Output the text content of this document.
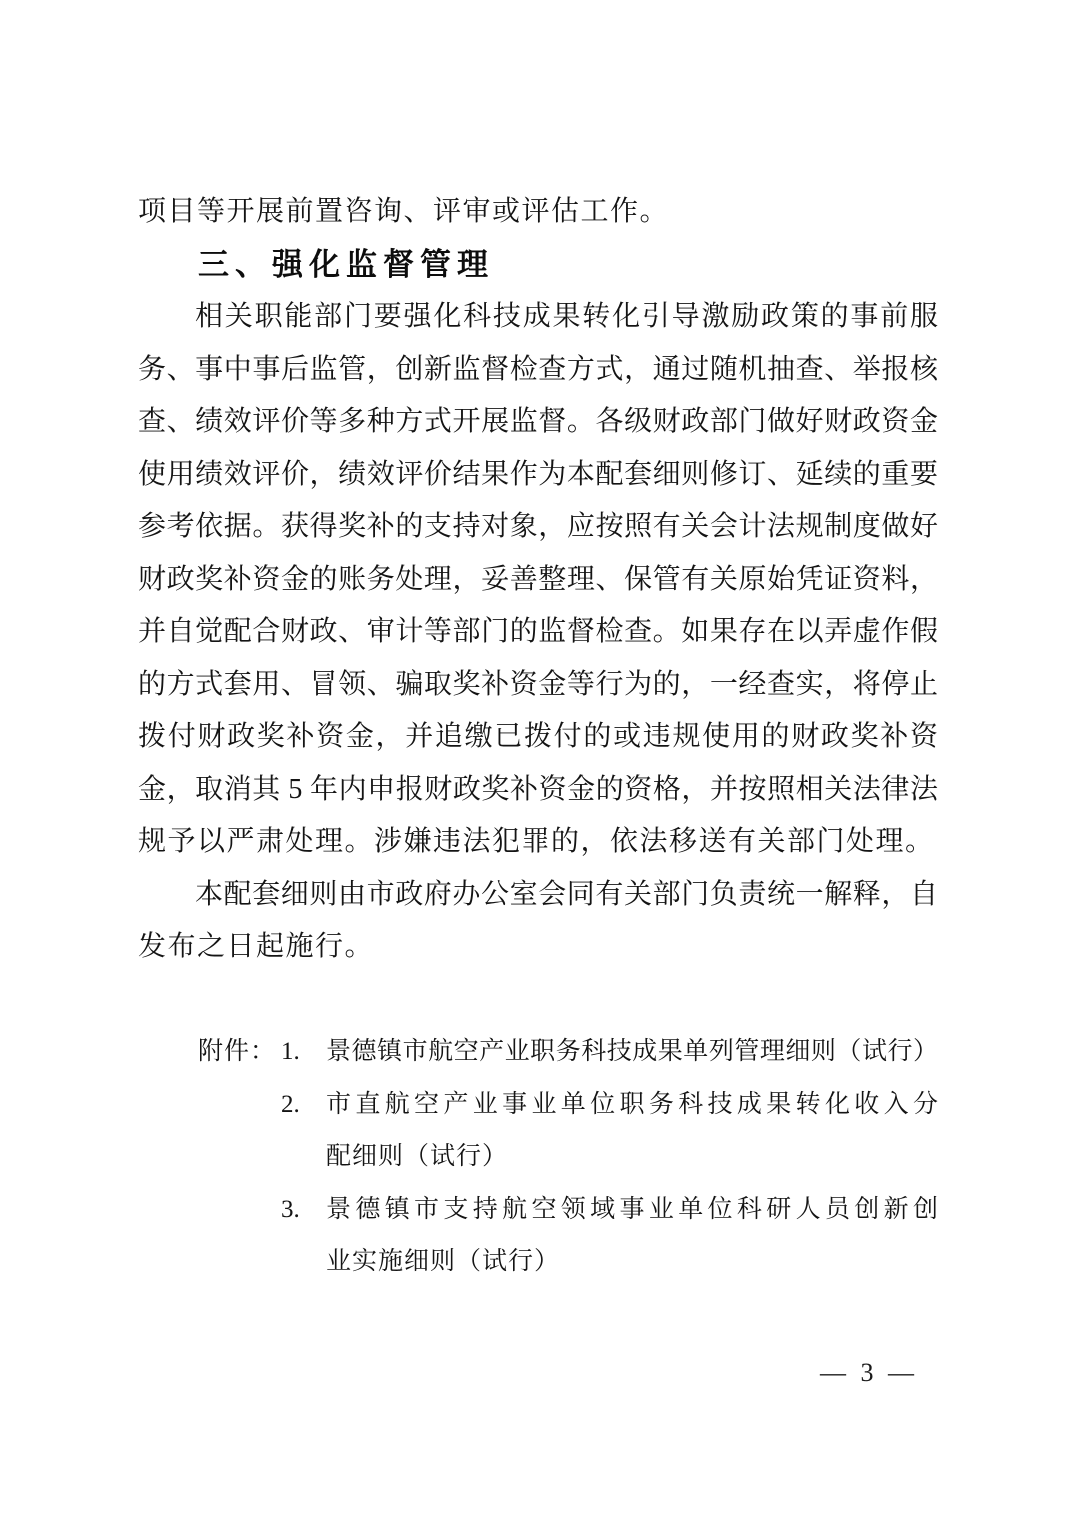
项目等开展前置咨询、评审或评估工作。
三、强化监督管理
相关职能部门要强化科技成果转化引导激励政策的事前服
务、事中事后监管，创新监督检查方式，通过随机抽查、举报核
查、绩效评价等多种方式开展监督。各级财政部门做好财政资金
使用绩效评价，绩效评价结果作为本配套细则修订、延续的重要
参考依据。获得奖补的支持对象，应按照有关会计法规制度做好
财政奖补资金的账务处理，妥善整理、保管有关原始凭证资料，
并自觉配合财政、审计等部门的监督检查。如果存在以弄虚作假
的方式套用、冒领、骗取奖补资金等行为的，一经查实，将停止
拨付财政奖补资金，并追缴已拨付的或违规使用的财政奖补资
金，取消其 5 年内申报财政奖补资金的资格，并按照相关法律法
规予以严肃处理。涉嫌违法犯罪的，依法移送有关部门处理。
本配套细则由市政府办公室会同有关部门负责统一解释，自
发布之日起施行。
附件： 1. 景德镇市航空产业职务科技成果单列管理细则（试行）
2. 市直航空产业事业单位职务科技成果转化收入分
配细则（试行）
3. 景德镇市支持航空领域事业单位科研人员创新创
业实施细则（试行）
— 3 —
